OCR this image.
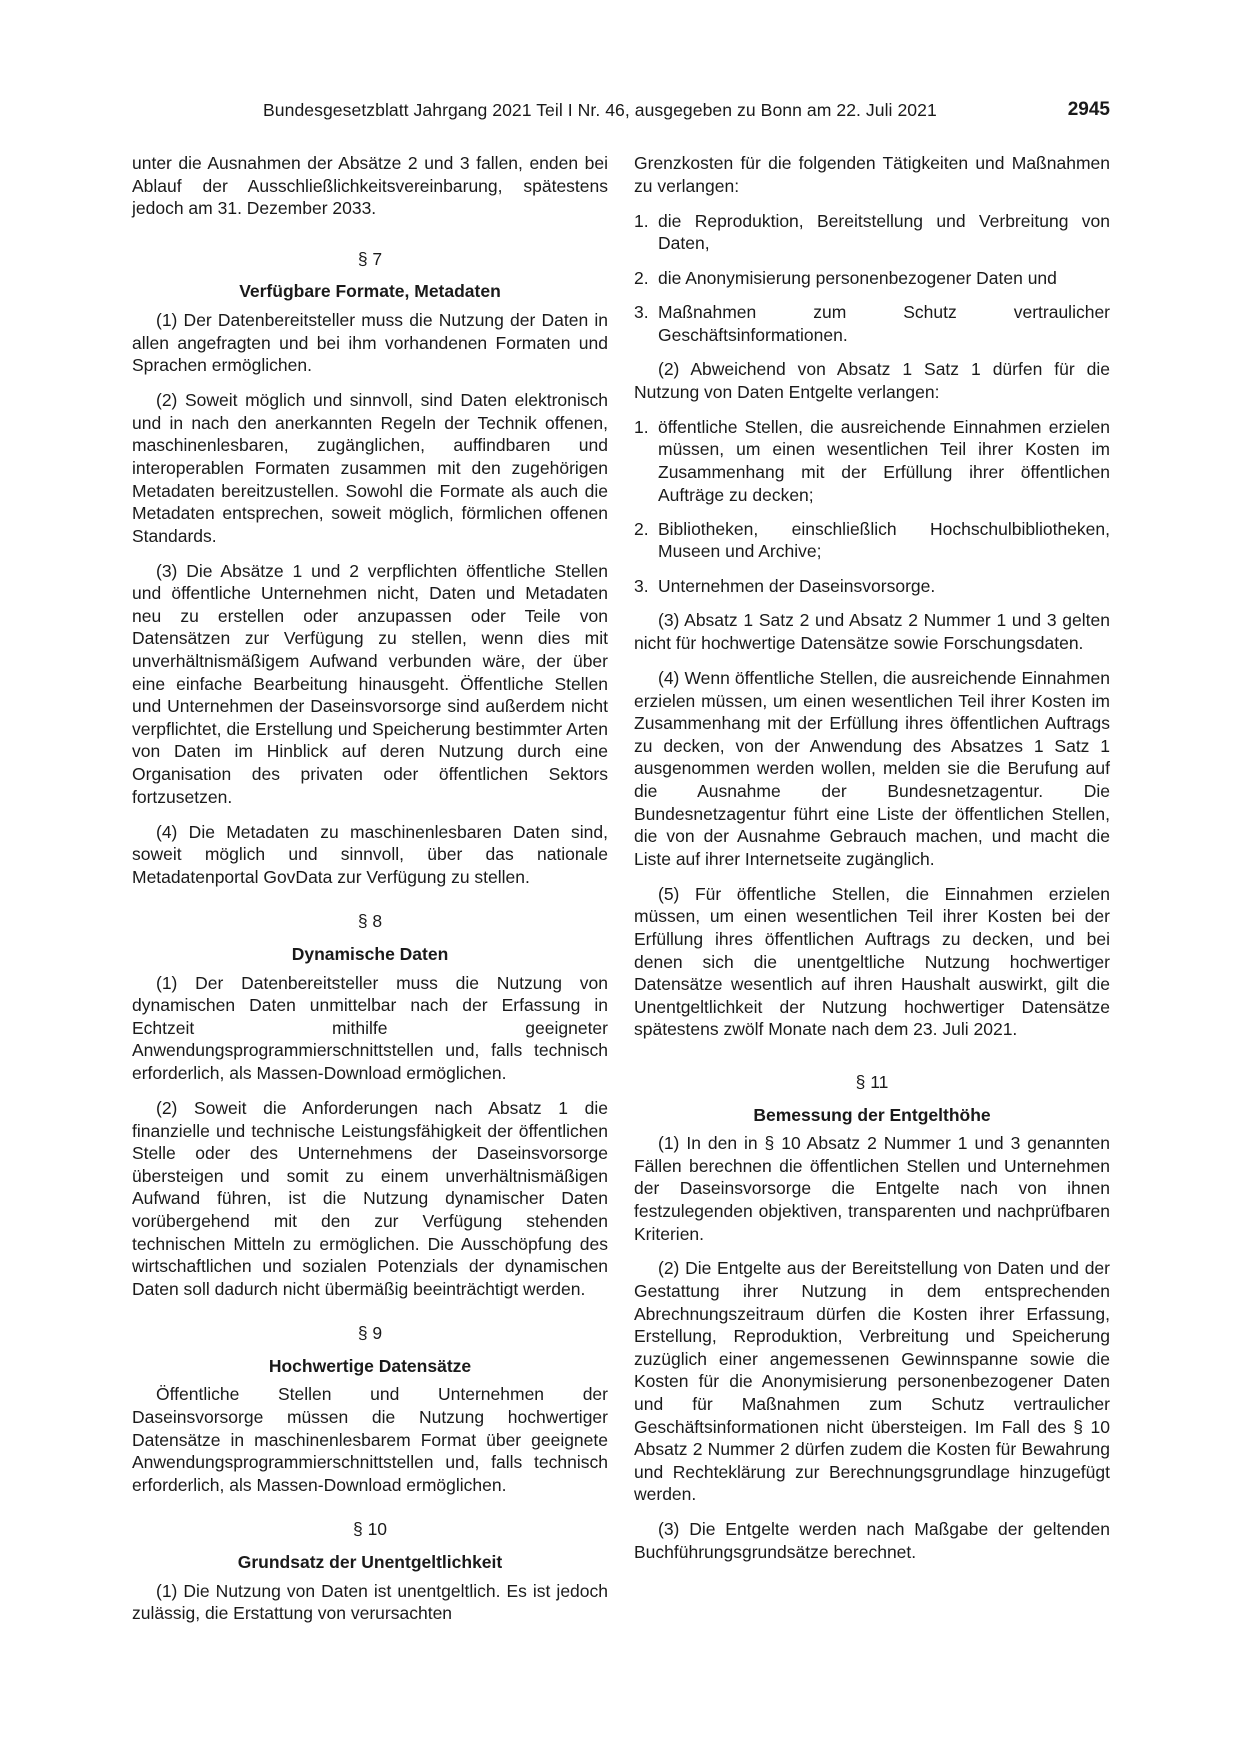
Bundesgesetzblatt Jahrgang 2021 Teil I Nr. 46, ausgegeben zu Bonn am 22. Juli 2021	2945

unter die Ausnahmen der Absätze 2 und 3 fallen, enden bei Ablauf der Ausschließlichkeitsvereinbarung, spätestens jedoch am 31. Dezember 2033.

§ 7
Verfügbare Formate, Metadaten

(1) Der Datenbereitsteller muss die Nutzung der Daten in allen angefragten und bei ihm vorhandenen Formaten und Sprachen ermöglichen.

(2) Soweit möglich und sinnvoll, sind Daten elektronisch und in nach den anerkannten Regeln der Technik offenen, maschinenlesbaren, zugänglichen, auffindbaren und interoperablen Formaten zusammen mit den zugehörigen Metadaten bereitzustellen. Sowohl die Formate als auch die Metadaten entsprechen, soweit möglich, förmlichen offenen Standards.

(3) Die Absätze 1 und 2 verpflichten öffentliche Stellen und öffentliche Unternehmen nicht, Daten und Metadaten neu zu erstellen oder anzupassen oder Teile von Datensätzen zur Verfügung zu stellen, wenn dies mit unverhältnismäßigem Aufwand verbunden wäre, der über eine einfache Bearbeitung hinausgeht. Öffentliche Stellen und Unternehmen der Daseinsvorsorge sind außerdem nicht verpflichtet, die Erstellung und Speicherung bestimmter Arten von Daten im Hinblick auf deren Nutzung durch eine Organisation des privaten oder öffentlichen Sektors fortzusetzen.

(4) Die Metadaten zu maschinenlesbaren Daten sind, soweit möglich und sinnvoll, über das nationale Metadatenportal GovData zur Verfügung zu stellen.

§ 8
Dynamische Daten

(1) Der Datenbereitsteller muss die Nutzung von dynamischen Daten unmittelbar nach der Erfassung in Echtzeit mithilfe geeigneter Anwendungsprogrammierschnittstellen und, falls technisch erforderlich, als Massen-Download ermöglichen.

(2) Soweit die Anforderungen nach Absatz 1 die finanzielle und technische Leistungsfähigkeit der öffentlichen Stelle oder des Unternehmens der Daseinsvorsorge übersteigen und somit zu einem unverhältnismäßigen Aufwand führen, ist die Nutzung dynamischer Daten vorübergehend mit den zur Verfügung stehenden technischen Mitteln zu ermöglichen. Die Ausschöpfung des wirtschaftlichen und sozialen Potenzials der dynamischen Daten soll dadurch nicht übermäßig beeinträchtigt werden.

§ 9
Hochwertige Datensätze

Öffentliche Stellen und Unternehmen der Daseinsvorsorge müssen die Nutzung hochwertiger Datensätze in maschinenlesbarem Format über geeignete Anwendungsprogrammierschnittstellen und, falls technisch erforderlich, als Massen-Download ermöglichen.

§ 10
Grundsatz der Unentgeltlichkeit

(1) Die Nutzung von Daten ist unentgeltlich. Es ist jedoch zulässig, die Erstattung von verursachten

Grenzkosten für die folgenden Tätigkeiten und Maßnahmen zu verlangen:

1. die Reproduktion, Bereitstellung und Verbreitung von Daten,
2. die Anonymisierung personenbezogener Daten und
3. Maßnahmen zum Schutz vertraulicher Geschäftsinformationen.

(2) Abweichend von Absatz 1 Satz 1 dürfen für die Nutzung von Daten Entgelte verlangen:

1. öffentliche Stellen, die ausreichende Einnahmen erzielen müssen, um einen wesentlichen Teil ihrer Kosten im Zusammenhang mit der Erfüllung ihrer öffentlichen Aufträge zu decken;
2. Bibliotheken, einschließlich Hochschulbibliotheken, Museen und Archive;
3. Unternehmen der Daseinsvorsorge.

(3) Absatz 1 Satz 2 und Absatz 2 Nummer 1 und 3 gelten nicht für hochwertige Datensätze sowie Forschungsdaten.

(4) Wenn öffentliche Stellen, die ausreichende Einnahmen erzielen müssen, um einen wesentlichen Teil ihrer Kosten im Zusammenhang mit der Erfüllung ihres öffentlichen Auftrags zu decken, von der Anwendung des Absatzes 1 Satz 1 ausgenommen werden wollen, melden sie die Berufung auf die Ausnahme der Bundesnetzagentur. Die Bundesnetzagentur führt eine Liste der öffentlichen Stellen, die von der Ausnahme Gebrauch machen, und macht die Liste auf ihrer Internetseite zugänglich.

(5) Für öffentliche Stellen, die Einnahmen erzielen müssen, um einen wesentlichen Teil ihrer Kosten bei der Erfüllung ihres öffentlichen Auftrags zu decken, und bei denen sich die unentgeltliche Nutzung hochwertiger Datensätze wesentlich auf ihren Haushalt auswirkt, gilt die Unentgeltlichkeit der Nutzung hochwertiger Datensätze spätestens zwölf Monate nach dem 23. Juli 2021.

§ 11
Bemessung der Entgelthöhe

(1) In den in § 10 Absatz 2 Nummer 1 und 3 genannten Fällen berechnen die öffentlichen Stellen und Unternehmen der Daseinsvorsorge die Entgelte nach von ihnen festzulegenden objektiven, transparenten und nachprüfbaren Kriterien.

(2) Die Entgelte aus der Bereitstellung von Daten und der Gestattung ihrer Nutzung in dem entsprechenden Abrechnungszeitraum dürfen die Kosten ihrer Erfassung, Erstellung, Reproduktion, Verbreitung und Speicherung zuzüglich einer angemessenen Gewinnspanne sowie die Kosten für die Anonymisierung personenbezogener Daten und für Maßnahmen zum Schutz vertraulicher Geschäftsinformationen nicht übersteigen. Im Fall des § 10 Absatz 2 Nummer 2 dürfen zudem die Kosten für Bewahrung und Rechteklärung zur Berechnungsgrundlage hinzugefügt werden.

(3) Die Entgelte werden nach Maßgabe der geltenden Buchführungsgrundsätze berechnet.
